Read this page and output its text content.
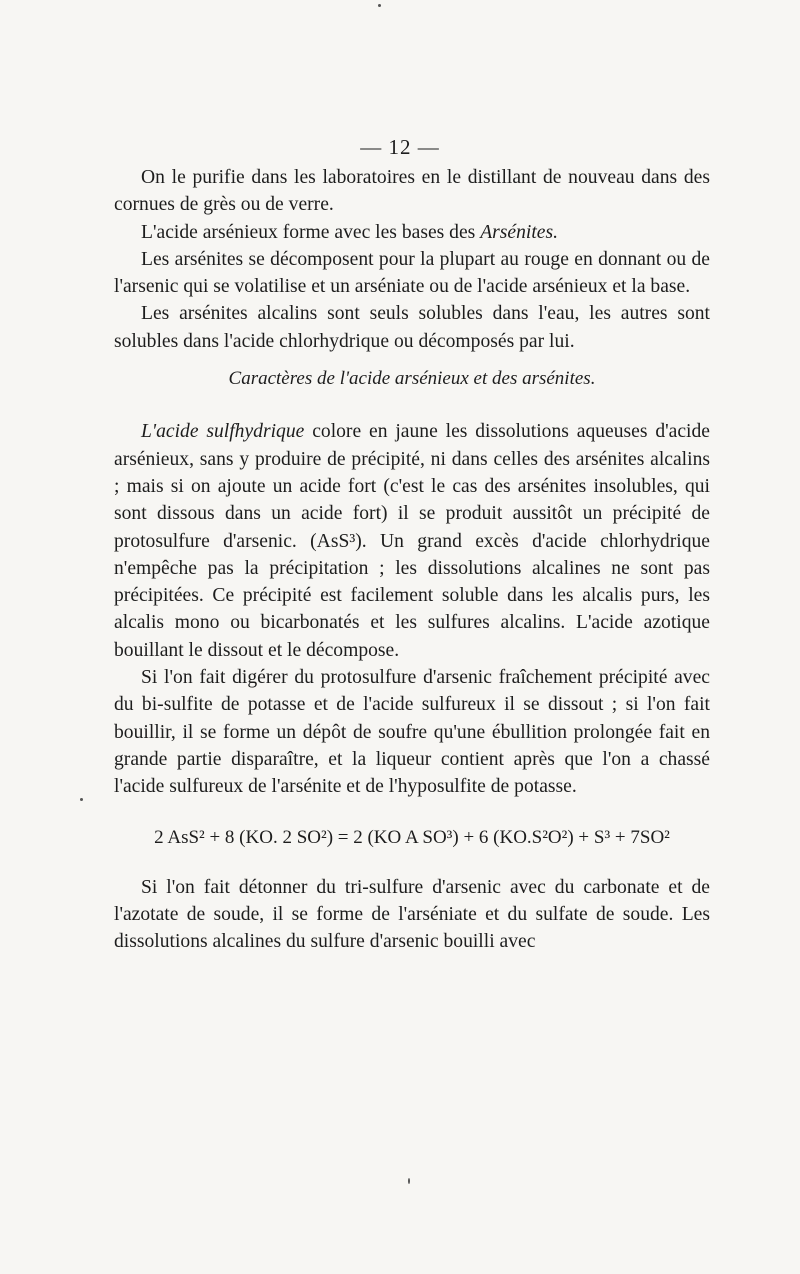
— 12 —

On le purifie dans les laboratoires en le distillant de nouveau dans des cornues de grès ou de verre.

L'acide arsénieux forme avec les bases des Arsénites.

Les arsénites se décomposent pour la plupart au rouge en donnant ou de l'arsenic qui se volatilise et un arséniate ou de l'acide arsénieux et la base.

Les arsénites alcalins sont seuls solubles dans l'eau, les autres sont solubles dans l'acide chlorhydrique ou décomposés par lui.

Caractères de l'acide arsénieux et des arsénites.

L'acide sulfhydrique colore en jaune les dissolutions aqueuses d'acide arsénieux, sans y produire de précipité, ni dans celles des arsénites alcalins ; mais si on ajoute un acide fort (c'est le cas des arsénites insolubles, qui sont dissous dans un acide fort) il se produit aussitôt un précipité de protosulfure d'arsenic. (AsS³). Un grand excès d'acide chlorhydrique n'empêche pas la précipitation ; les dissolutions alcalines ne sont pas précipitées. Ce précipité est facilement soluble dans les alcalis purs, les alcalis mono ou bicarbonatés et les sulfures alcalins. L'acide azotique bouillant le dissout et le décompose.

Si l'on fait digérer du protosulfure d'arsenic fraîchement précipité avec du bi-sulfite de potasse et de l'acide sulfureux il se dissout ; si l'on fait bouillir, il se forme un dépôt de soufre qu'une ébullition prolongée fait en grande partie disparaître, et la liqueur contient après que l'on a chassé l'acide sulfureux de l'arsénite et de l'hyposulfite de potasse.

2 AsS² + 8 (KO. 2 SO²) = 2 (KO A SO³) + 6 (KO.S²O²) + S³ + 7SO²

Si l'on fait détonner du tri-sulfure d'arsenic avec du carbonate et de l'azotate de soude, il se forme de l'arséniate et du sulfate de soude. Les dissolutions alcalines du sulfure d'arsenic bouilli avec
